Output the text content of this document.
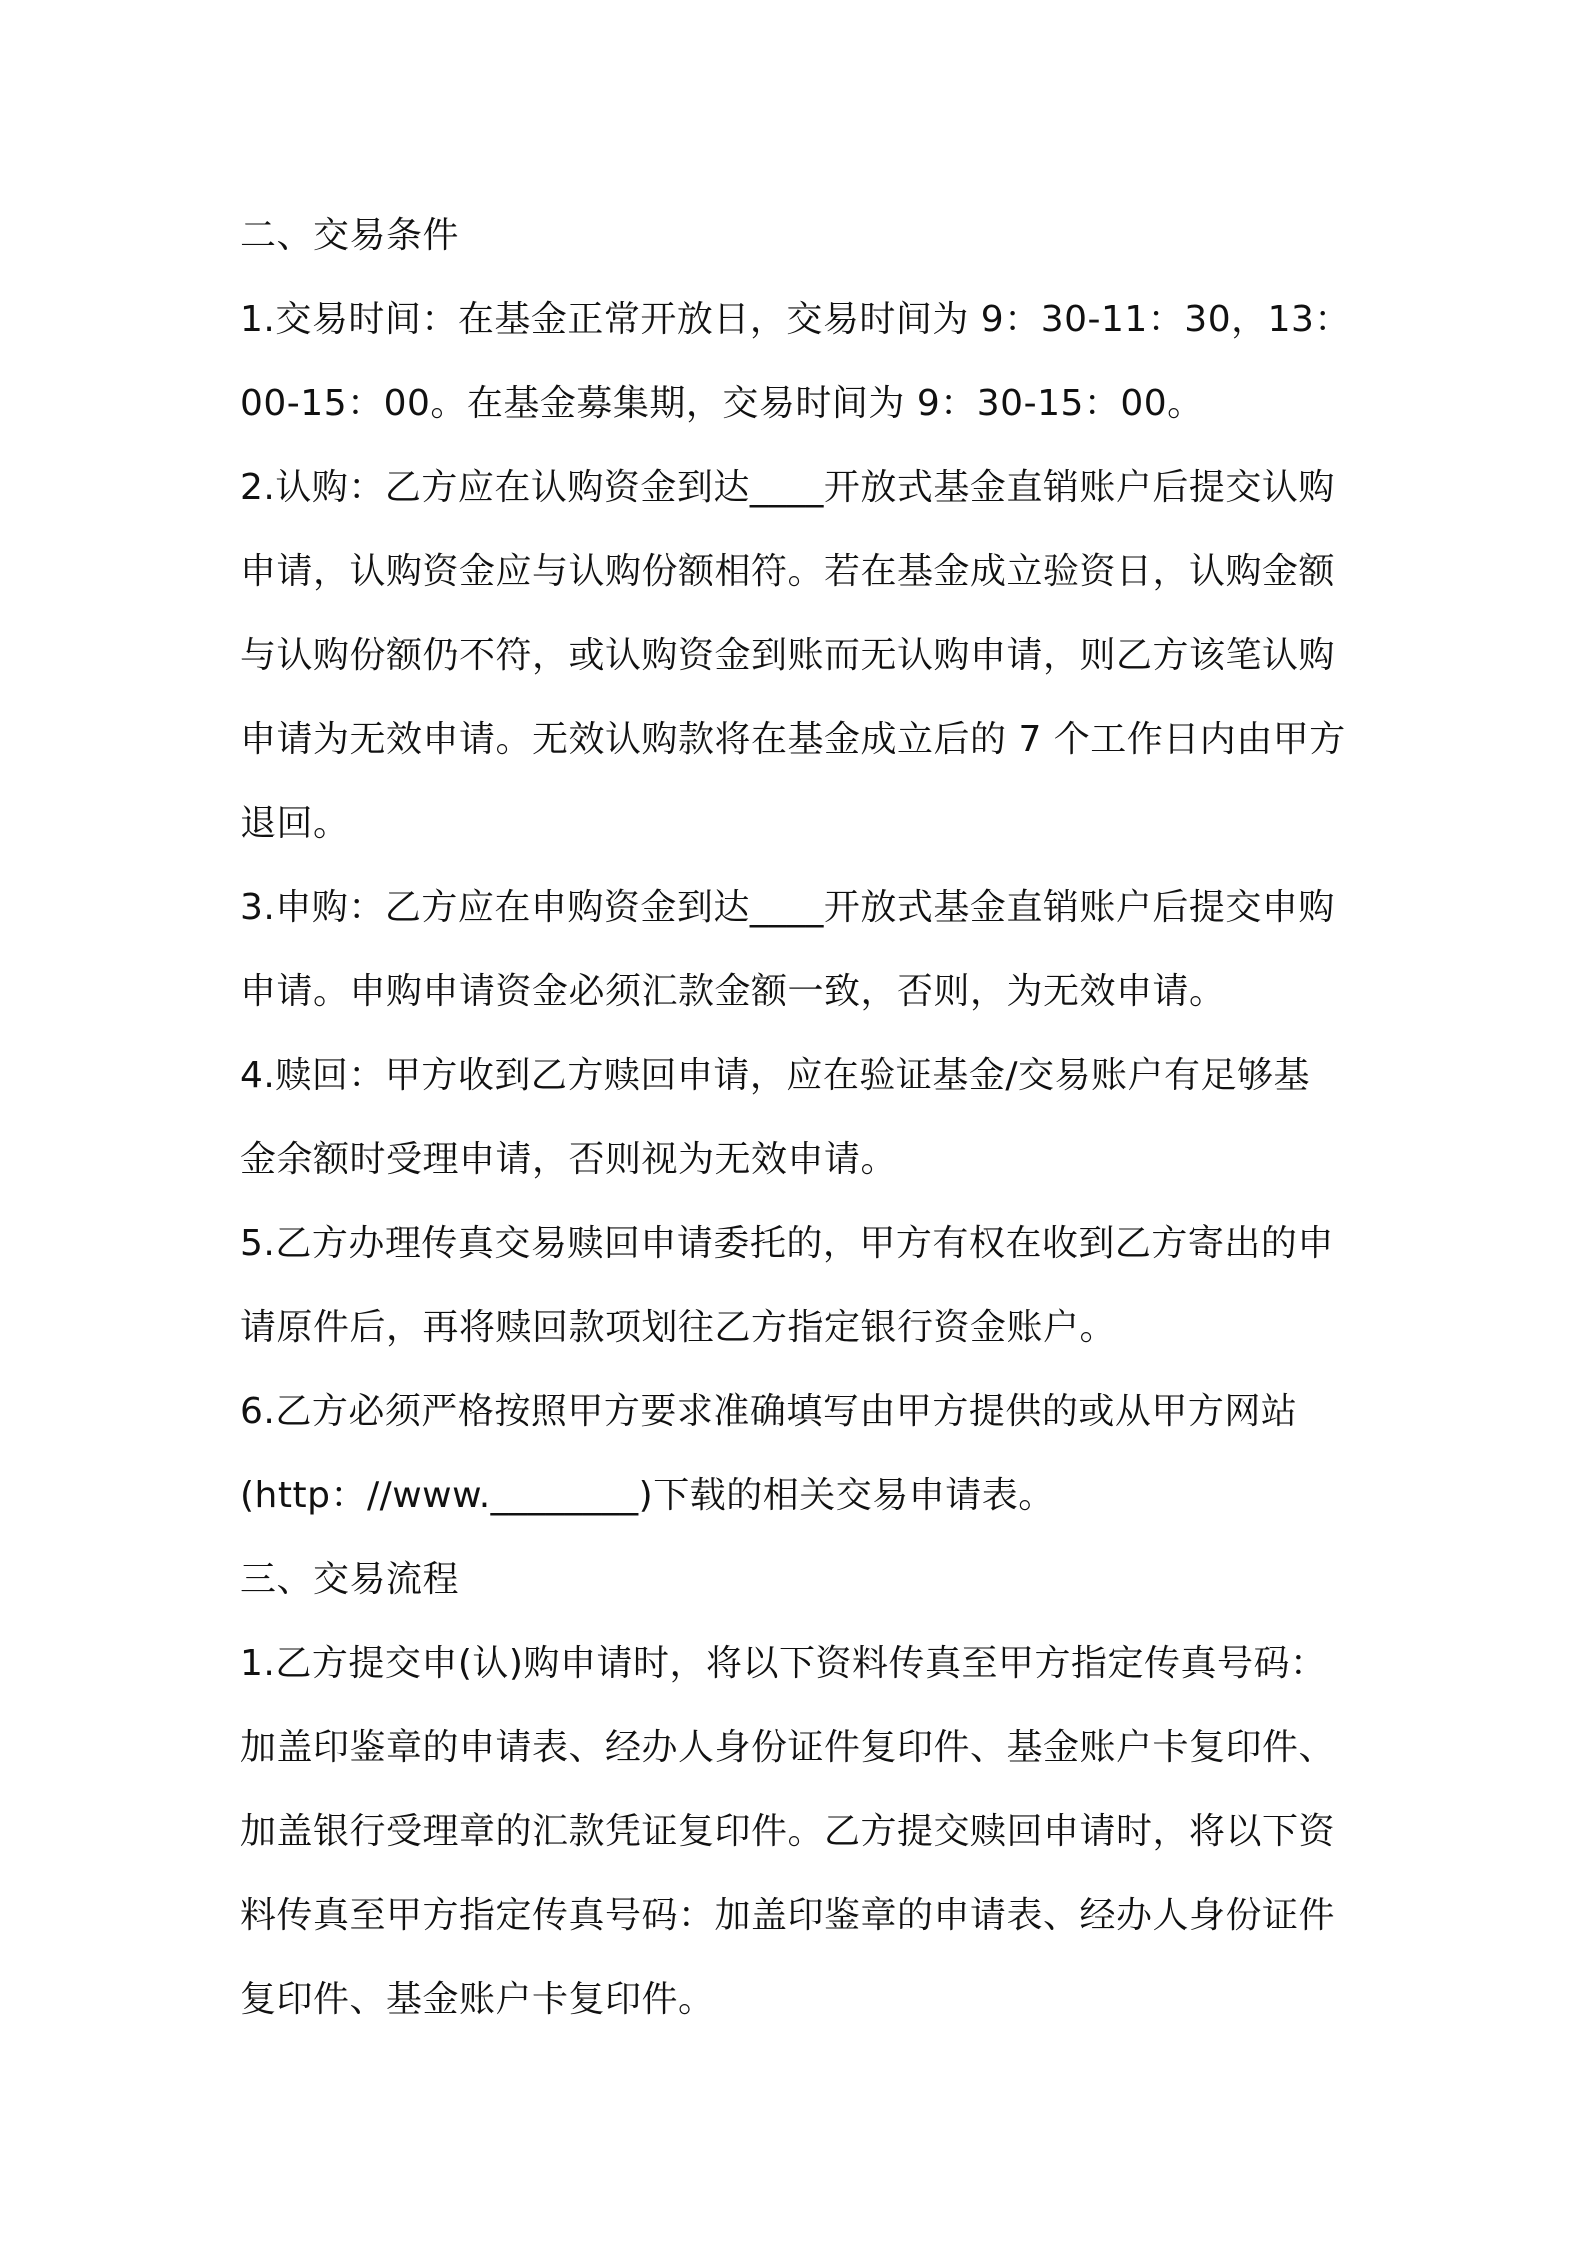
二、交易条件

1.交易时间：在基金正常开放日，交易时间为 9：30-11：30，13：

00-15：00。在基金募集期，交易时间为 9：30-15：00。

2.认购：乙方应在认购资金到达____开放式基金直销账户后提交认购

申请，认购资金应与认购份额相符。若在基金成立验资日，认购金额

与认购份额仍不符，或认购资金到账而无认购申请，则乙方该笔认购

申请为无效申请。无效认购款将在基金成立后的 7 个工作日内由甲方

退回。

3.申购：乙方应在申购资金到达____开放式基金直销账户后提交申购

申请。申购申请资金必须汇款金额一致，否则，为无效申请。

4.赎回：甲方收到乙方赎回申请，应在验证基金/交易账户有足够基

金余额时受理申请，否则视为无效申请。

5.乙方办理传真交易赎回申请委托的，甲方有权在收到乙方寄出的申

请原件后，再将赎回款项划往乙方指定银行资金账户。

6.乙方必须严格按照甲方要求准确填写由甲方提供的或从甲方网站

(http：//www.________)下载的相关交易申请表。

三、交易流程

1.乙方提交申(认)购申请时，将以下资料传真至甲方指定传真号码：

加盖印鉴章的申请表、经办人身份证件复印件、基金账户卡复印件、

加盖银行受理章的汇款凭证复印件。乙方提交赎回申请时，将以下资

料传真至甲方指定传真号码：加盖印鉴章的申请表、经办人身份证件

复印件、基金账户卡复印件。
